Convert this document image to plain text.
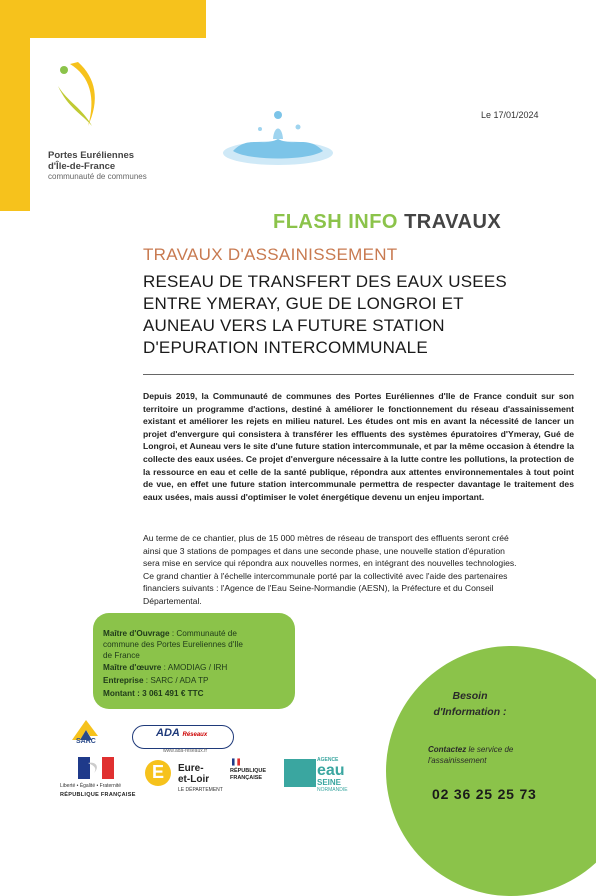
Portes Euréliennes
d'Île-de-France
communauté de communes
Le 17/01/2024
FLASH INFO TRAVAUX
TRAVAUX D'ASSAINISSEMENT
RESEAU DE TRANSFERT DES EAUX USEES
ENTRE YMERAY, GUE DE LONGROI ET
AUNEAU VERS LA FUTURE STATION
D'EPURATION INTERCOMMUNALE
Depuis 2019, la Communauté de communes des Portes Euréliennes d'Ile de France conduit sur son territoire un programme d'actions, destiné à améliorer le fonctionnement du réseau d'assainissement existant et améliorer les rejets en milieu naturel. Les études ont mis en avant la nécessité de lancer un projet d'envergure qui consistera à transférer les effluents des systèmes épuratoires d'Ymeray, Gué de Longroi, et Auneau vers le site d'une future station intercommunale, et par la même occasion à étendre la collecte des eaux usées. Ce projet d'envergure nécessaire à la lutte contre les pollutions, la protection de la ressource en eau et celle de la santé publique, répondra aux attentes environnementales à tout point de vue, en effet une future station intercommunale permettra de respecter davantage le traitement des eaux usées, mais aussi d'optimiser le volet énergétique devenu un enjeu important.
Au terme de ce chantier, plus de 15 000 mètres de réseau de transport des effluents seront créé
ainsi que 3 stations de pompages et dans une seconde phase, une nouvelle station d'épuration
sera mise en service qui répondra aux nouvelles normes, en intégrant des nouvelles technologies.
Ce grand chantier à l'échelle intercommunale porté par la collectivité avec l'aide des partenaires
financiers suivants : l'Agence de l'Eau Seine-Normandie (AESN), la Préfecture et du Conseil
Départemental.
Maître d'Ouvrage : Communauté de
commune des Portes Eureliennes d'Ile
de France
Maître d'œuvre : AMODIAG / IRH
Entreprise : SARC / ADA TP
Montant : 3 061 491 € TTC	Besoin
d'Information :
Contactez le service de
l'assainissement
02 36 25 25 73
SARC
ADA Réseaux
www.ada-reseaux.fr
Liberté • Égalité • Fraternité
RÉPUBLIQUE FRANÇAISE
E Eure-
et-Loir
LE DÉPARTEMENT
RÉPUBLIQUE
FRANÇAISE
AGENCE
eau
SEINE
NORMANDIE
